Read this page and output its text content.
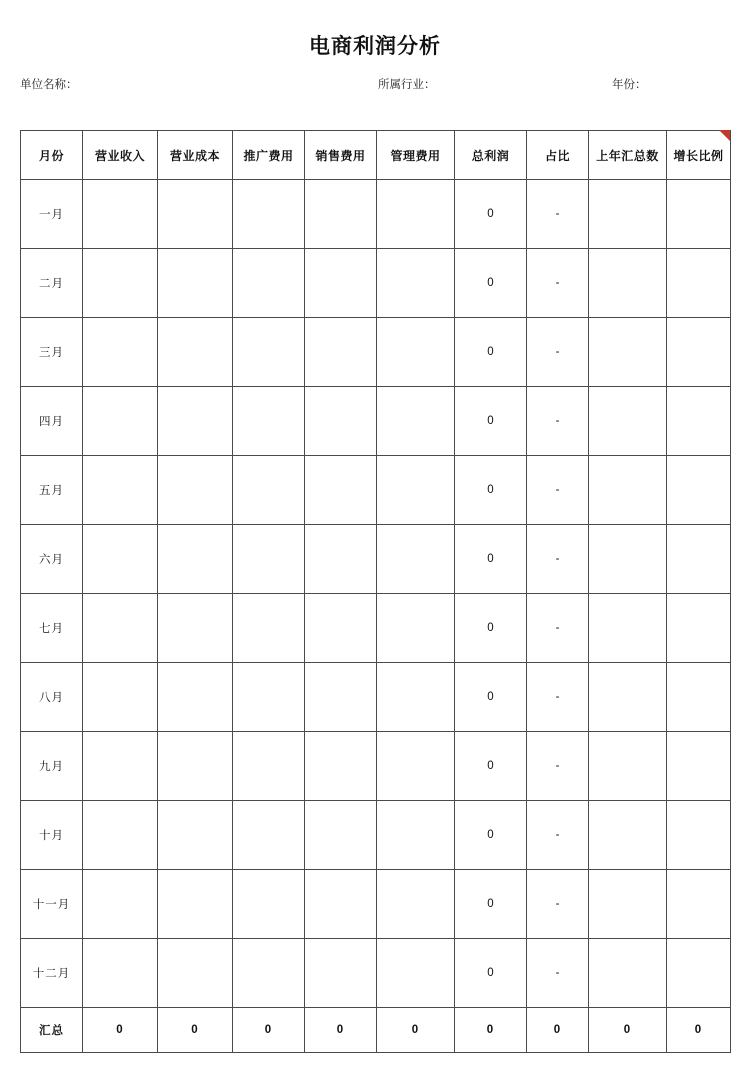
电商利润分析
单位名称：	所属行业：	年份：
月份	营业收入	营业成本	推广费用	销售费用	管理费用	总利润	占比	上年汇总数	增长比例
一月						0	-		
二月						0	-		
三月						0	-		
四月						0	-		
五月						0	-		
六月						0	-		
七月						0	-		
八月						0	-		
九月						0	-		
十月						0	-		
十一月						0	-		
十二月						0	-		
汇总	0	0	0	0	0	0	0	0	0
